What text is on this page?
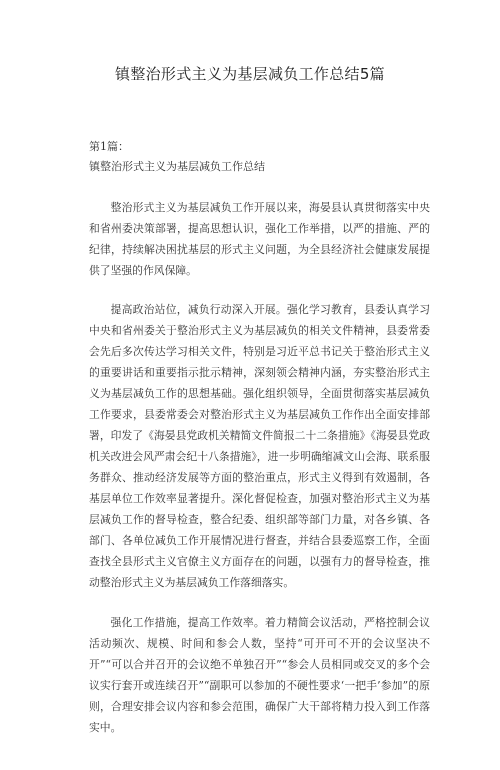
镇整治形式主义为基层减负工作总结5篇
第1篇：
镇整治形式主义为基层减负工作总结

整治形式主义为基层减负工作开展以来，海晏县认真贯彻落实中央和省州委决策部署，提高思想认识，强化工作举措，以严的措施、严的纪律，持续解决困扰基层的形式主义问题，为全县经济社会健康发展提供了坚强的作风保障。

提高政治站位，减负行动深入开展。强化学习教育，县委认真学习中央和省州委关于整治形式主义为基层减负的相关文件精神，县委常委会先后多次传达学习相关文件，特别是习近平总书记关于整治形式主义的重要讲话和重要指示批示精神，深刻领会精神内涵，夯实整治形式主义为基层减负工作的思想基础。强化组织领导，全面贯彻落实基层减负工作要求，县委常委会对整治形式主义为基层减负工作作出全面安排部署，印发了《海晏县党政机关精简文件简报二十二条措施》《海晏县党政机关改进会风严肃会纪十八条措施》，进一步明确缩减文山会海、联系服务群众、推动经济发展等方面的整治重点，形式主义得到有效遏制，各基层单位工作效率显著提升。深化督促检查，加强对整治形式主义为基层减负工作的督导检查，整合纪委、组织部等部门力量，对各乡镇、各部门、各单位减负工作开展情况进行督查，并结合县委巡察工作，全面查找全县形式主义官僚主义方面存在的问题，以强有力的督导检查，推动整治形式主义为基层减负工作落细落实。

强化工作措施，提高工作效率。着力精简会议活动，严格控制会议活动频次、规模、时间和参会人数，坚持“可开可不开的会议坚决不开”“可以合并召开的会议绝不单独召开”“参会人员相同或交叉的多个会议实行套开或连续召开”“副职可以参加的不硬性要求‘一把手’参加”的原则，合理安排会议内容和参会范围，确保广大干部将精力投入到工作落实中。
